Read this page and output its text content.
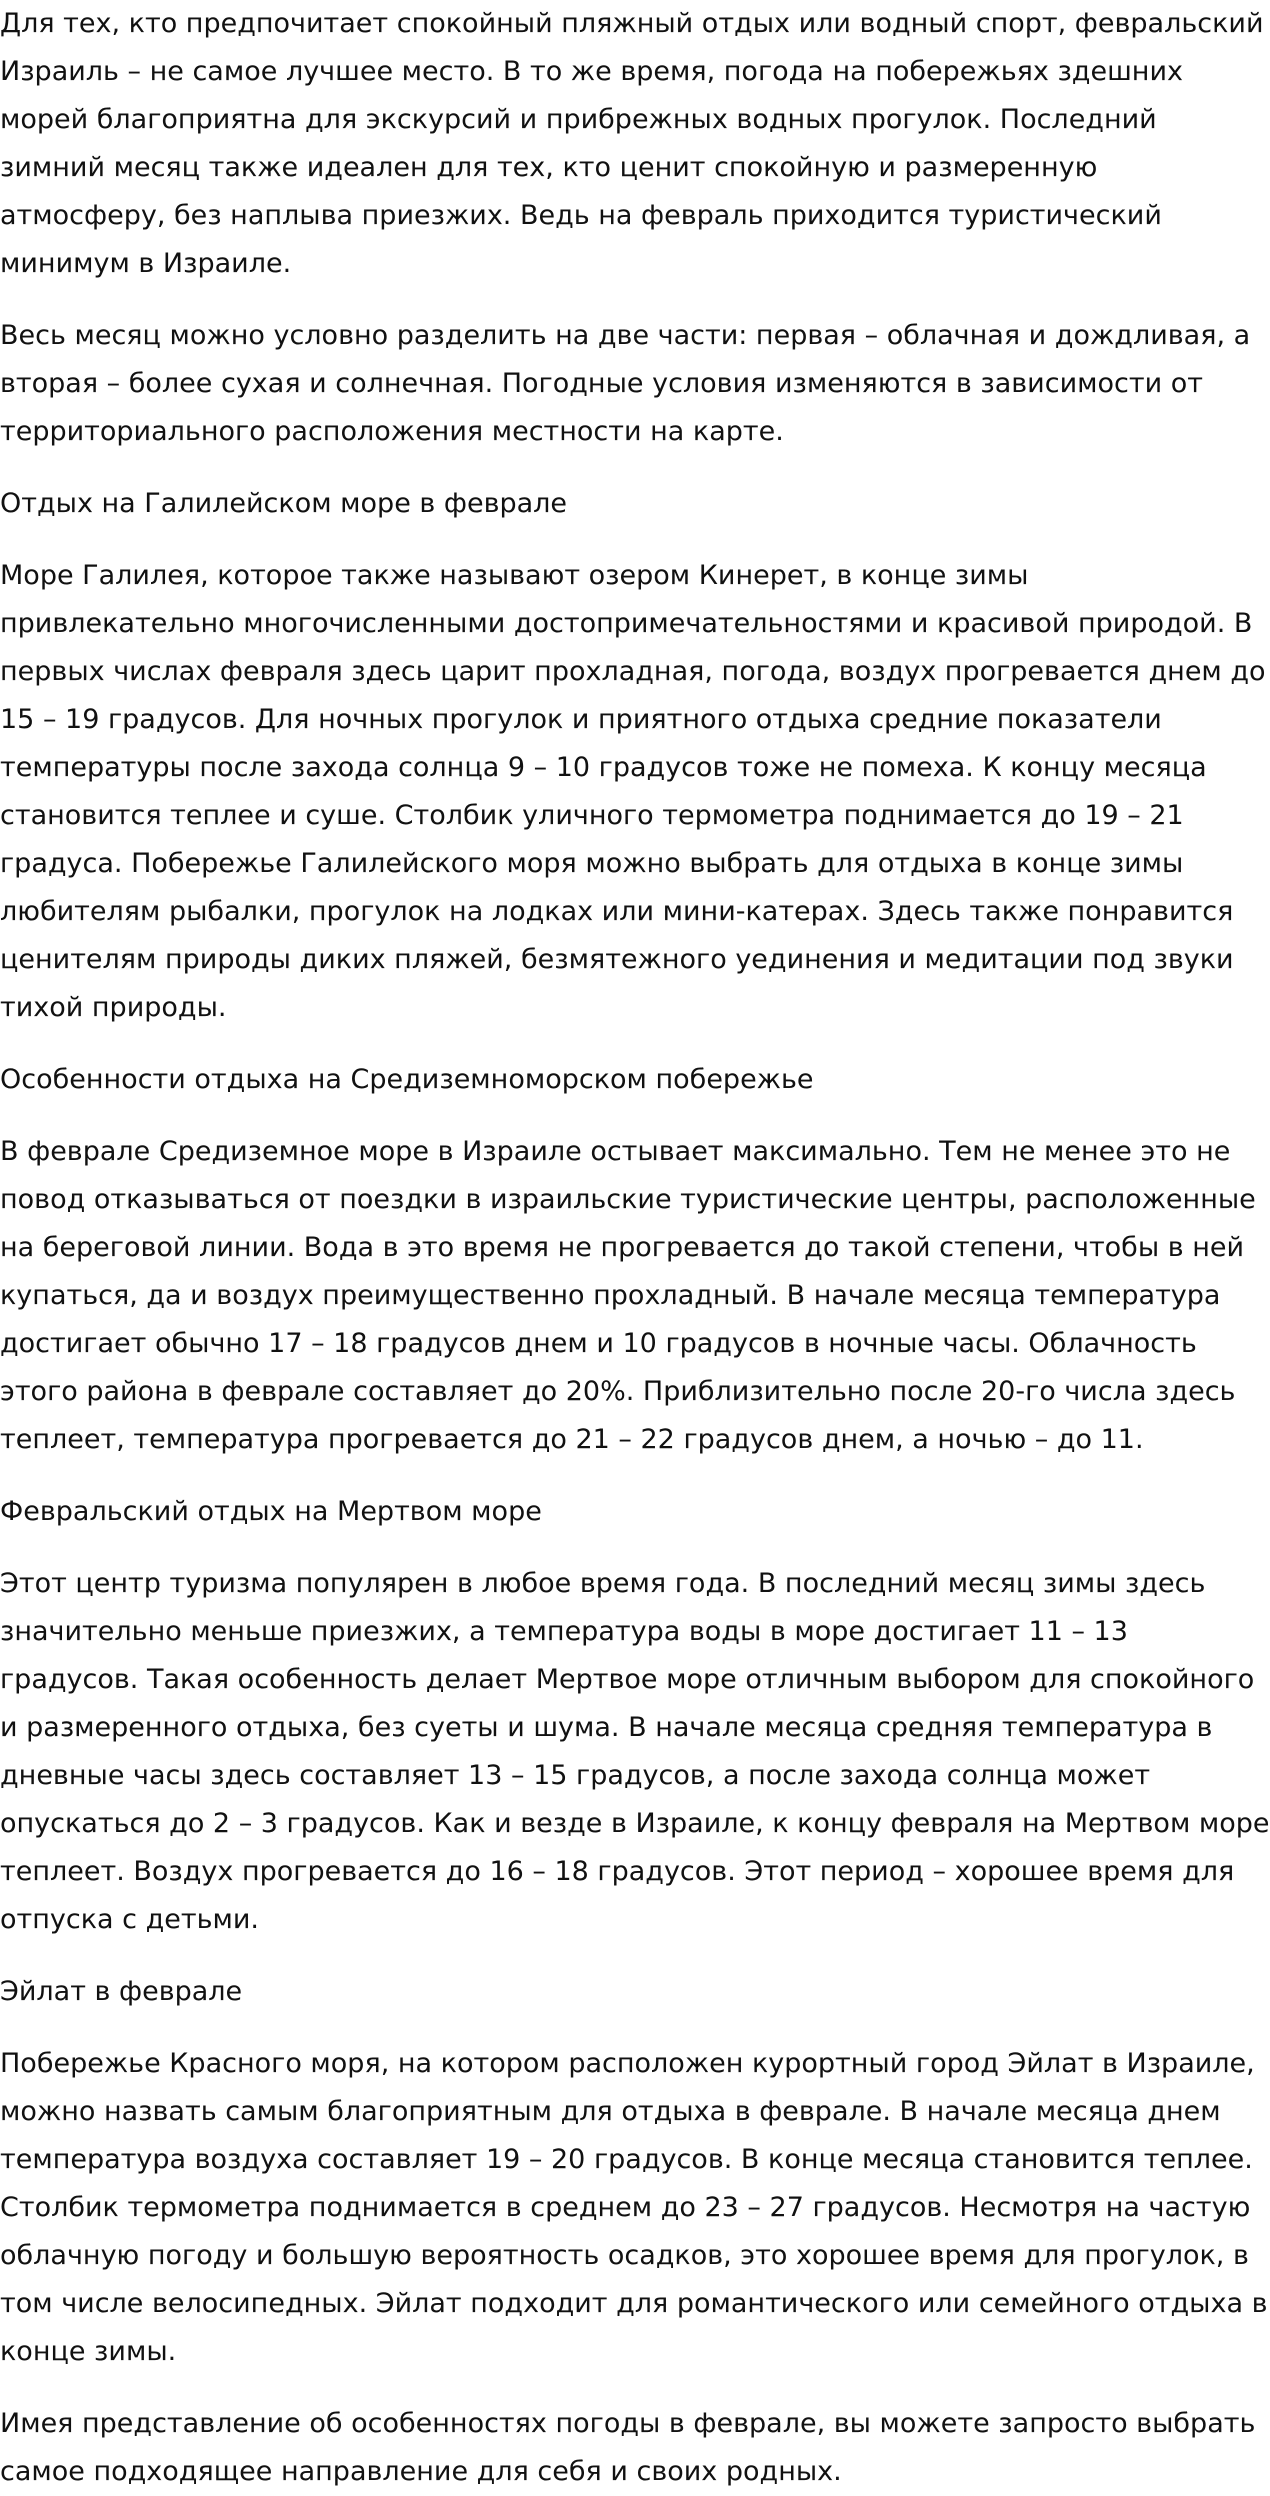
Для тех, кто предпочитает спокойный пляжный отдых или водный спорт, февральский Израиль – не самое лучшее место. В то же время, погода на побережьях здешних морей благоприятна для экскурсий и прибрежных водных прогулок. Последний зимний месяц также идеален для тех, кто ценит спокойную и размеренную атмосферу, без наплыва приезжих. Ведь на февраль приходится туристический минимум в Израиле.

Весь месяц можно условно разделить на две части: первая – облачная и дождливая, а вторая – более сухая и солнечная. Погодные условия изменяются в зависимости от территориального расположения местности на карте.

Отдых на Галилейском море в феврале

Море Галилея, которое также называют озером Кинерет, в конце зимы привлекательно многочисленными достопримечательностями и красивой природой. В первых числах февраля здесь царит прохладная, погода, воздух прогревается днем до 15 – 19 градусов. Для ночных прогулок и приятного отдыха средние показатели температуры после захода солнца 9 – 10 градусов тоже не помеха. К концу месяца становится теплее и суше. Столбик уличного термометра поднимается до 19 – 21 градуса. Побережье Галилейского моря можно выбрать для отдыха в конце зимы любителям рыбалки, прогулок на лодках или мини-катерах. Здесь также понравится ценителям природы диких пляжей, безмятежного уединения и медитации под звуки тихой природы.

Особенности отдыха на Средиземноморском побережье

В феврале Средиземное море в Израиле остывает максимально. Тем не менее это не повод отказываться от поездки в израильские туристические центры, расположенные на береговой линии. Вода в это время не прогревается до такой степени, чтобы в ней купаться, да и воздух преимущественно прохладный. В начале месяца температура достигает обычно 17 – 18 градусов днем и 10 градусов в ночные часы. Облачность этого района в феврале составляет до 20%. Приблизительно после 20-го числа здесь теплеет, температура прогревается до 21 – 22 градусов днем, а ночью – до 11.

Февральский отдых на Мертвом море

Этот центр туризма популярен в любое время года. В последний месяц зимы здесь значительно меньше приезжих, а температура воды в море достигает 11 – 13 градусов. Такая особенность делает Мертвое море отличным выбором для спокойного и размеренного отдыха, без суеты и шума. В начале месяца средняя температура в дневные часы здесь составляет 13 – 15 градусов, а после захода солнца может опускаться до 2 – 3 градусов. Как и везде в Израиле, к концу февраля на Мертвом море теплеет. Воздух прогревается до 16 – 18 градусов. Этот период – хорошее время для отпуска с детьми.

Эйлат в феврале

Побережье Красного моря, на котором расположен курортный город Эйлат в Израиле, можно назвать самым благоприятным для отдыха в феврале. В начале месяца днем температура воздуха составляет 19 – 20 градусов. В конце месяца становится теплее. Столбик термометра поднимается в среднем до 23 – 27 градусов. Несмотря на частую облачную погоду и большую вероятность осадков, это хорошее время для прогулок, в том числе велосипедных. Эйлат подходит для романтического или семейного отдыха в конце зимы.

Имея представление об особенностях погоды в феврале, вы можете запросто выбрать самое подходящее направление для себя и своих родных.
